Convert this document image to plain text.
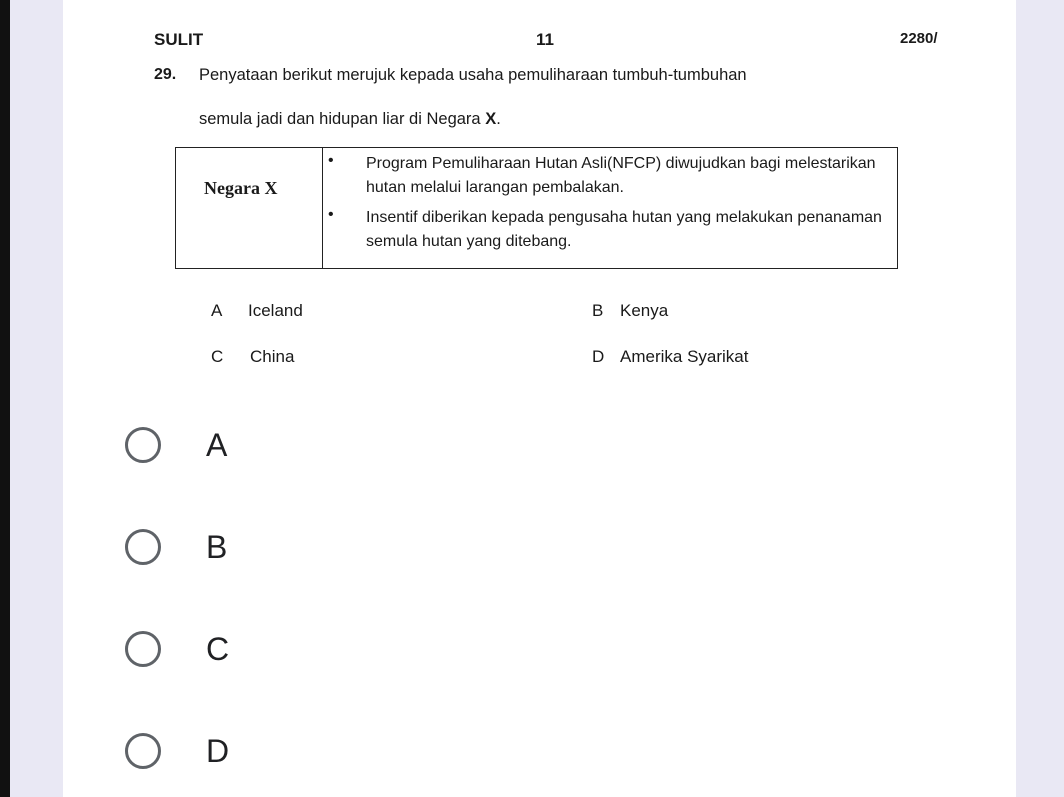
SULIT	11	2280/
29. Penyataan berikut merujuk kepada usaha pemuliharaan tumbuh-tumbuhan
semula jadi dan hidupan liar di Negara X.
Negara X
• Program Pemuliharaan Hutan Asli(NFCP) diwujudkan bagi melestarikan hutan melalui larangan pembalakan.
• Insentif diberikan kepada pengusaha hutan yang melakukan penanaman semula hutan yang ditebang.
A Iceland	B Kenya
C China	D Amerika Syarikat
A
B
C
D
